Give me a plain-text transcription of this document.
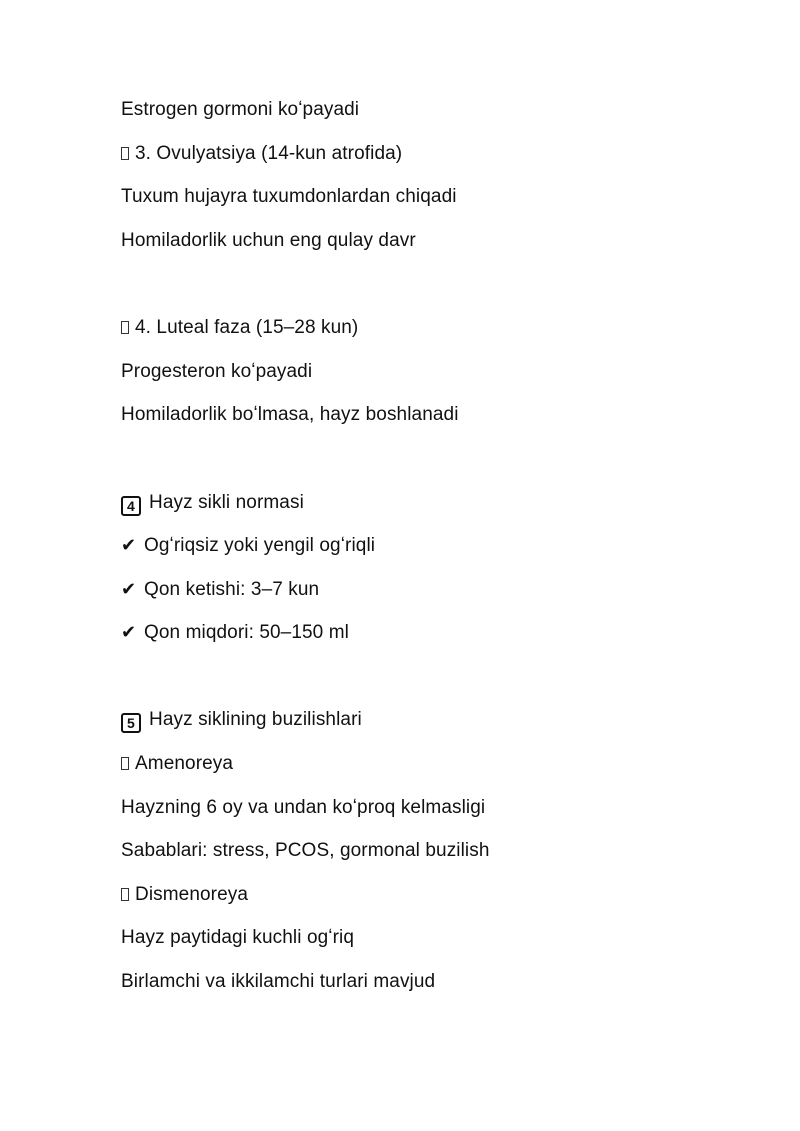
Estrogen gormoni koʻpayadi
3. Ovulyatsiya (14-kun atrofida)
Tuxum hujayra tuxumdonlardan chiqadi
Homiladorlik uchun eng qulay davr
4. Luteal faza (15–28 kun)
Progesteron koʻpayadi
Homiladorlik boʻlmasa, hayz boshlanadi
4 Hayz sikli normasi
✔ Ogʻriqsiz yoki yengil ogʻriqli
✔ Qon ketishi: 3–7 kun
✔ Qon miqdori: 50–150 ml
5 Hayz siklining buzilishlari
Amenoreya
Hayzning 6 oy va undan koʻproq kelmasligi
Sabablari: stress, PCOS, gormonal buzilish
Dismenoreya
Hayz paytidagi kuchli ogʻriq
Birlamchi va ikkilamchi turlari mavjud
